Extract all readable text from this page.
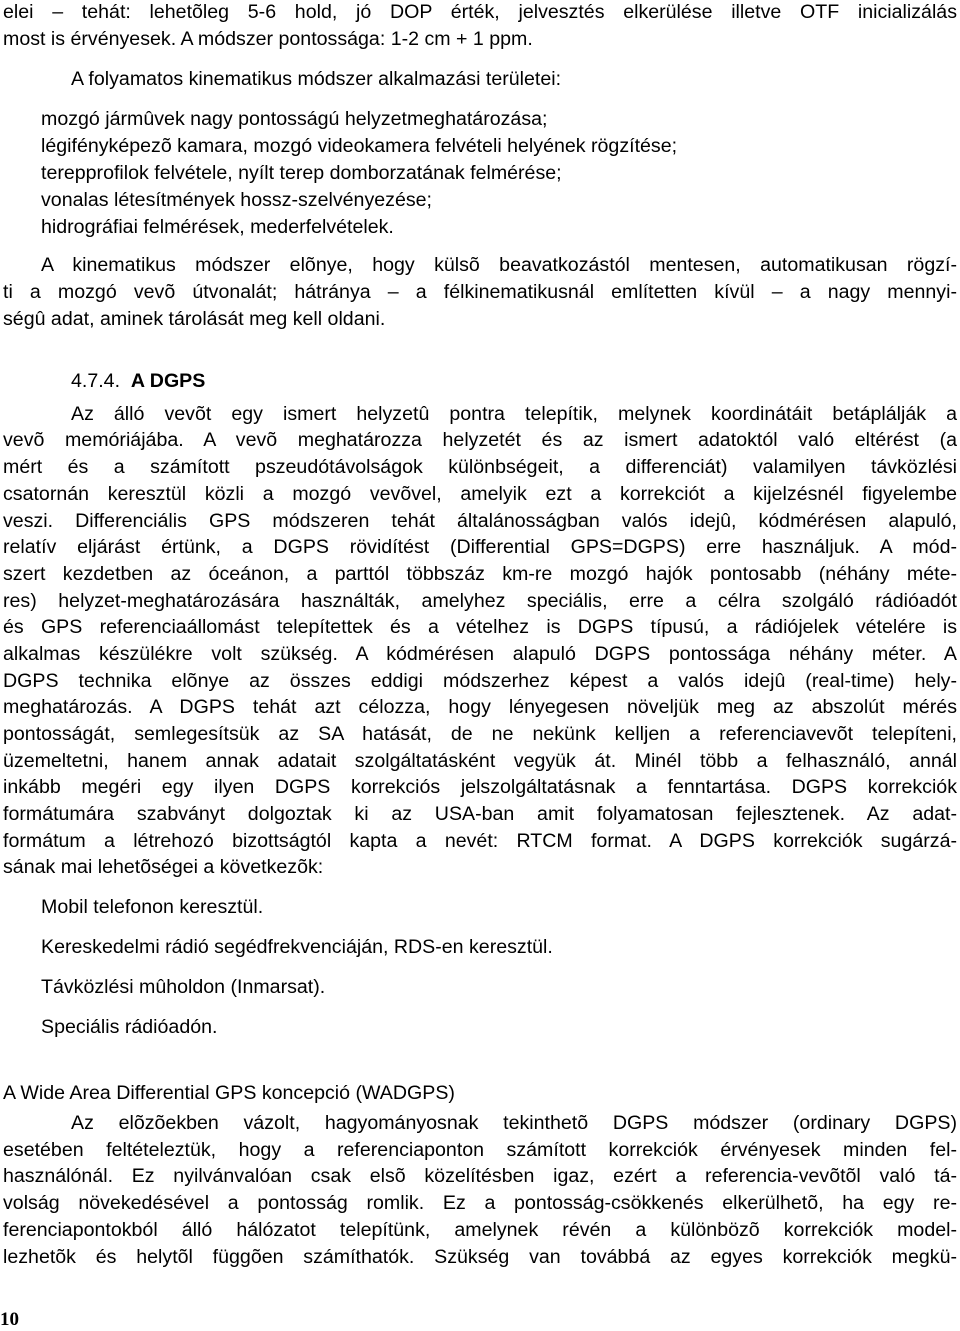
elei – tehát: lehetõleg 5-6 hold, jó DOP érték, jelvesztés elkerülése illetve OTF inicializálás
most is érvényesek. A módszer pontossága: 1-2 cm + 1 ppm.
A folyamatos kinematikus módszer alkalmazási területei:
mozgó jármûvek nagy pontosságú helyzetmeghatározása;
légifényképezõ kamara, mozgó videokamera felvételi helyének rögzítése;
terepprofilok felvétele, nyílt terep domborzatának felmérése;
vonalas létesítmények hossz-szelvényezése;
hidrográfiai felmérések, mederfelvételek.
A kinematikus módszer elõnye, hogy külsõ beavatkozástól mentesen, automatikusan rögzí-
ti a mozgó vevõ útvonalát; hátránya – a félkinematikusnál említetten kívül – a nagy mennyi-
ségû adat, aminek tárolását meg kell oldani.
4.7.4. A DGPS
Az álló vevõt egy ismert helyzetû pontra telepítik, melynek koordinátáit betáplálják a
vevõ memóriájába. A vevõ meghatározza helyzetét és az ismert adatoktól való eltérést (a
mért és a számított pszeudótávolságok különbségeit, a differenciát) valamilyen távközlési
csatornán keresztül közli a mozgó vevõvel, amelyik ezt a korrekciót a kijelzésnél figyelembe
veszi. Differenciális GPS módszeren tehát általánosságban valós idejû, kódmérésen alapuló,
relatív eljárást értünk, a DGPS rövidítést (Differential GPS=DGPS) erre használjuk. A mód-
szert kezdetben az óceánon, a parttól többszáz km-re mozgó hajók pontosabb (néhány méte-
res) helyzet-meghatározására használták, amelyhez speciális, erre a célra szolgáló rádióadót
és GPS referenciaállomást telepítettek és a vételhez is DGPS típusú, a rádiójelek vételére is
alkalmas készülékre volt szükség. A kódmérésen alapuló DGPS pontossága néhány méter. A
DGPS technika elõnye az összes eddigi módszerhez képest a valós idejû (real-time) hely-
meghatározás. A DGPS tehát azt célozza, hogy lényegesen növeljük meg az abszolút mérés
pontosságát, semlegesítsük az SA hatását, de ne nekünk kelljen a referenciavevõt telepíteni,
üzemeltetni, hanem annak adatait szolgáltatásként vegyük át. Minél több a felhasználó, annál
inkább megéri egy ilyen DGPS korrekciós jelszolgáltatásnak a fenntartása. DGPS korrekciók
formátumára szabványt dolgoztak ki az USA-ban amit folyamatosan fejlesztenek. Az adat-
formátum a létrehozó bizottságtól kapta a nevét: RTCM format. A DGPS korrekciók sugárzá-
sának mai lehetõségei a következõk:
Mobil telefonon keresztül.
Kereskedelmi rádió segédfrekvenciáján, RDS-en keresztül.
Távközlési mûholdon (Inmarsat).
Speciális rádióadón.
A Wide Area Differential GPS koncepció (WADGPS)
Az elõzõekben vázolt, hagyományosnak tekinthetõ DGPS módszer (ordinary DGPS)
esetében feltételeztük, hogy a referenciaponton számított korrekciók érvényesek minden fel-
használónál. Ez nyilvánvalóan csak elsõ közelítésben igaz, ezért a referencia-vevõtõl való tá-
volság növekedésével a pontosság romlik. Ez a pontosság-csökkenés elkerülhetõ, ha egy re-
ferenciapontokból álló hálózatot telepítünk, amelynek révén a különbözõ korrekciók model-
lezhetõk és helytõl függõen számíthatók. Szükség van továbbá az egyes korrekciók megkü-
10
